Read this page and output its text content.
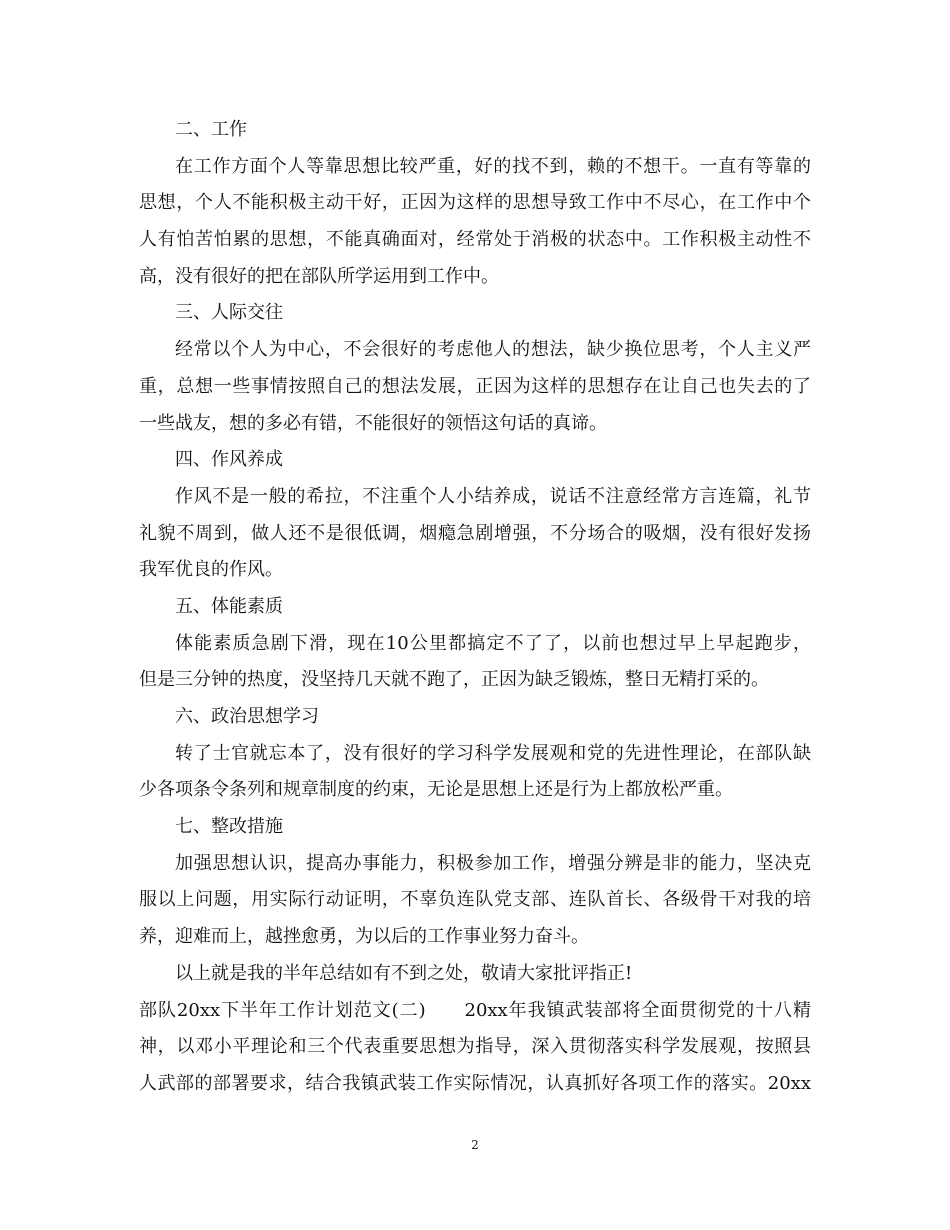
二、工作
在工作方面个人等靠思想比较严重，好的找不到，赖的不想干。一直有等靠的
思想，个人不能积极主动干好，正因为这样的思想导致工作中不尽心，在工作中个
人有怕苦怕累的思想，不能真确面对，经常处于消极的状态中。工作积极主动性不
高，没有很好的把在部队所学运用到工作中。
三、人际交往
经常以个人为中心，不会很好的考虑他人的想法，缺少换位思考，个人主义严
重，总想一些事情按照自己的想法发展，正因为这样的思想存在让自己也失去的了
一些战友，想的多必有错，不能很好的领悟这句话的真谛。
四、作风养成
作风不是一般的希拉，不注重个人小结养成，说话不注意经常方言连篇，礼节
礼貌不周到，做人还不是很低调，烟瘾急剧增强，不分场合的吸烟，没有很好发扬
我军优良的作风。
五、体能素质
体能素质急剧下滑，现在10公里都搞定不了了，以前也想过早上早起跑步，
但是三分钟的热度，没坚持几天就不跑了，正因为缺乏锻炼，整日无精打采的。
六、政治思想学习
转了士官就忘本了，没有很好的学习科学发展观和党的先进性理论，在部队缺
少各项条令条列和规章制度的约束，无论是思想上还是行为上都放松严重。
七、整改措施
加强思想认识，提高办事能力，积极参加工作，增强分辨是非的能力，坚决克
服以上问题，用实际行动证明，不辜负连队党支部、连队首长、各级骨干对我的培
养，迎难而上，越挫愈勇，为以后的工作事业努力奋斗。
以上就是我的半年总结如有不到之处，敬请大家批评指正!
部队20xx下半年工作计划范文(二)　　20xx年我镇武装部将全面贯彻党的十八精
神，以邓小平理论和三个代表重要思想为指导，深入贯彻落实科学发展观，按照县
人武部的部署要求，结合我镇武装工作实际情况，认真抓好各项工作的落实。20xx
2
